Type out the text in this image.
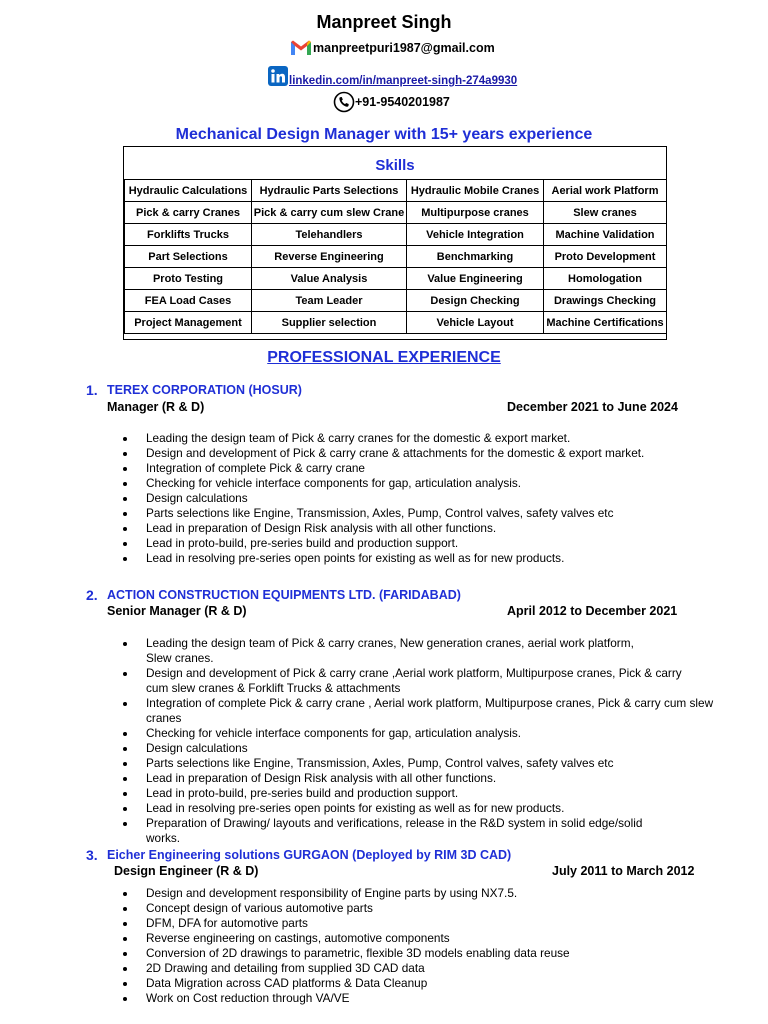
Manpreet Singh
manpreetpuri1987@gmail.com
linkedin.com/in/manpreet-singh-274a9930
+91-9540201987
Mechanical Design Manager with 15+ years experience
Skills
Hydraulic Calculations	Hydraulic Parts Selections	Hydraulic Mobile Cranes	Aerial work Platform
Pick & carry Cranes	Pick & carry cum slew Crane	Multipurpose cranes	Slew cranes
Forklifts Trucks	Telehandlers	Vehicle Integration	Machine Validation
Part Selections	Reverse Engineering	Benchmarking	Proto Development
Proto Testing	Value Analysis	Value Engineering	Homologation
FEA Load Cases	Team Leader	Design Checking	Drawings Checking
Project Management	Supplier selection	Vehicle Layout	Machine Certifications
PROFESSIONAL EXPERIENCE
1. TEREX CORPORATION (HOSUR)
Manager (R & D)	December 2021 to June 2024
Leading the design team of Pick & carry cranes for the domestic & export market.
Design and development of Pick & carry crane & attachments for the domestic & export market.
Integration of complete Pick & carry crane
Checking for vehicle interface components for gap, articulation analysis.
Design calculations
Parts selections like Engine, Transmission, Axles, Pump, Control valves, safety valves etc
Lead in preparation of Design Risk analysis with all other functions.
Lead in proto-build, pre-series build and production support.
Lead in resolving pre-series open points for existing as well as for new products.
2. ACTION CONSTRUCTION EQUIPMENTS LTD. (FARIDABAD)
Senior Manager (R & D)	April 2012 to December 2021
Leading the design team of Pick & carry cranes, New generation cranes, aerial work platform, Slew cranes.
Design and development of Pick & carry crane ,Aerial work platform, Multipurpose cranes, Pick & carry cum slew cranes & Forklift Trucks & attachments
Integration of complete Pick & carry crane , Aerial work platform, Multipurpose cranes, Pick & carry cum slew cranes
Checking for vehicle interface components for gap, articulation analysis.
Design calculations
Parts selections like Engine, Transmission, Axles, Pump, Control valves, safety valves etc
Lead in preparation of Design Risk analysis with all other functions.
Lead in proto-build, pre-series build and production support.
Lead in resolving pre-series open points for existing as well as for new products.
Preparation of Drawing/ layouts and verifications, release in the R&D system in solid edge/solid works.
3. Eicher Engineering solutions GURGAON (Deployed by RIM 3D CAD)
Design Engineer (R & D)	July 2011 to March 2012
Design and development responsibility of Engine parts by using NX7.5.
Concept design of various automotive parts
DFM, DFA for automotive parts
Reverse engineering on castings, automotive components
Conversion of 2D drawings to parametric, flexible 3D models enabling data reuse
2D Drawing and detailing from supplied 3D CAD data
Data Migration across CAD platforms & Data Cleanup
Work on Cost reduction through VA/VE
